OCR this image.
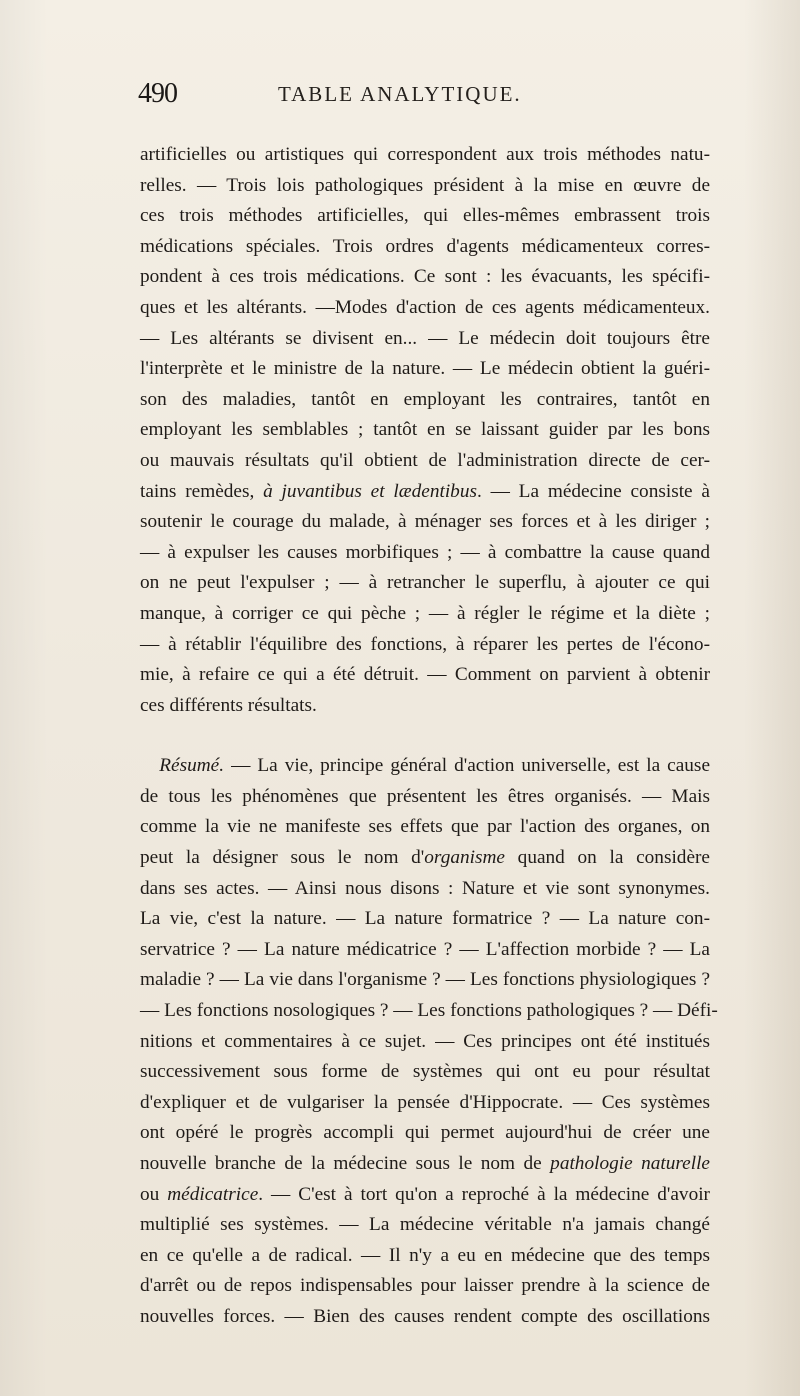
490	TABLE ANALYTIQUE.

artificielles ou artistiques qui correspondent aux trois méthodes natu-
relles. — Trois lois pathologiques président à la mise en œuvre de
ces trois méthodes artificielles, qui elles-mêmes embrassent trois
médications spéciales. Trois ordres d'agents médicamenteux corres-
pondent à ces trois médications. Ce sont : les évacuants, les spécifi-
ques et les altérants. —Modes d'action de ces agents médicamenteux.
— Les altérants se divisent en... — Le médecin doit toujours être
l'interprète et le ministre de la nature. — Le médecin obtient la guéri-
son des maladies, tantôt en employant les contraires, tantôt en
employant les semblables ; tantôt en se laissant guider par les bons
ou mauvais résultats qu'il obtient de l'administration directe de cer-
tains remèdes, à juvantibus et lædentibus. — La médecine consiste à
soutenir le courage du malade, à ménager ses forces et à les diriger ;
— à expulser les causes morbifiques ; — à combattre la cause quand
on ne peut l'expulser ; — à retrancher le superflu, à ajouter ce qui
manque, à corriger ce qui pèche ; — à régler le régime et la diète ;
— à rétablir l'équilibre des fonctions, à réparer les pertes de l'écono-
mie, à refaire ce qui a été détruit. — Comment on parvient à obtenir
ces différents résultats.

 Résumé. — La vie, principe général d'action universelle, est la cause
de tous les phénomènes que présentent les êtres organisés. — Mais
comme la vie ne manifeste ses effets que par l'action des organes, on
peut la désigner sous le nom d'organisme quand on la considère
dans ses actes. — Ainsi nous disons : Nature et vie sont synonymes.
La vie, c'est la nature. — La nature formatrice ? — La nature con-
servatrice ? — La nature médicatrice ? — L'affection morbide ? — La
maladie ? — La vie dans l'organisme ? — Les fonctions physiologiques ?
— Les fonctions nosologiques ? — Les fonctions pathologiques ? — Défi-
nitions et commentaires à ce sujet. — Ces principes ont été institués
successivement sous forme de systèmes qui ont eu pour résultat
d'expliquer et de vulgariser la pensée d'Hippocrate. — Ces systèmes
ont opéré le progrès accompli qui permet aujourd'hui de créer une
nouvelle branche de la médecine sous le nom de pathologie naturelle
ou médicatrice. — C'est à tort qu'on a reproché à la médecine d'avoir
multiplié ses systèmes. — La médecine véritable n'a jamais changé
en ce qu'elle a de radical. — Il n'y a eu en médecine que des temps
d'arrêt ou de repos indispensables pour laisser prendre à la science de
nouvelles forces. — Bien des causes rendent compte des oscillations
